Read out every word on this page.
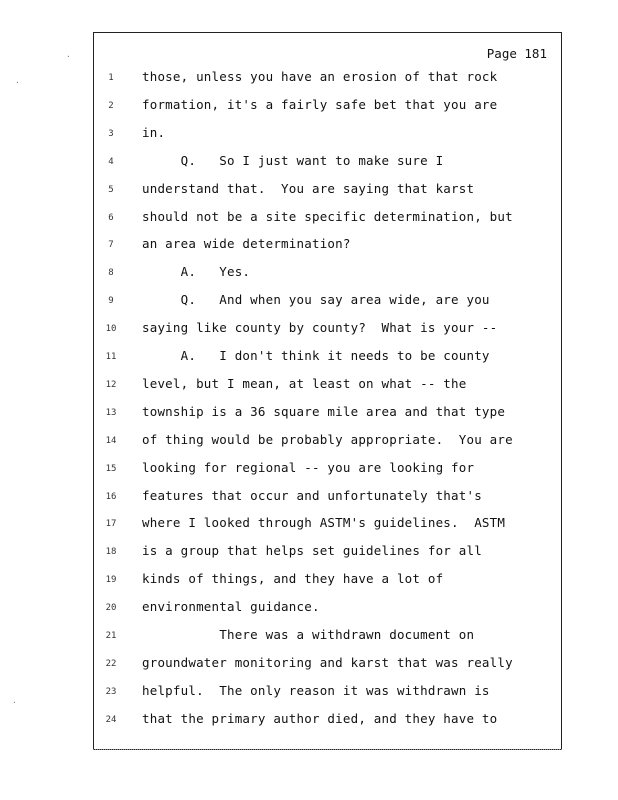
Page 181
1	those, unless you have an erosion of that rock
2	formation, it's a fairly safe bet that you are
3	in.
4	Q.   So I just want to make sure I
5	understand that.  You are saying that karst
6	should not be a site specific determination, but
7	an area wide determination?
8	A.   Yes.
9	Q.   And when you say area wide, are you
10	saying like county by county?  What is your --
11	A.   I don't think it needs to be county
12	level, but I mean, at least on what -- the
13	township is a 36 square mile area and that type
14	of thing would be probably appropriate.  You are
15	looking for regional -- you are looking for
16	features that occur and unfortunately that's
17	where I looked through ASTM's guidelines.  ASTM
18	is a group that helps set guidelines for all
19	kinds of things, and they have a lot of
20	environmental guidance.
21	There was a withdrawn document on
22	groundwater monitoring and karst that was really
23	helpful.  The only reason it was withdrawn is
24	that the primary author died, and they have to
·
·
·
